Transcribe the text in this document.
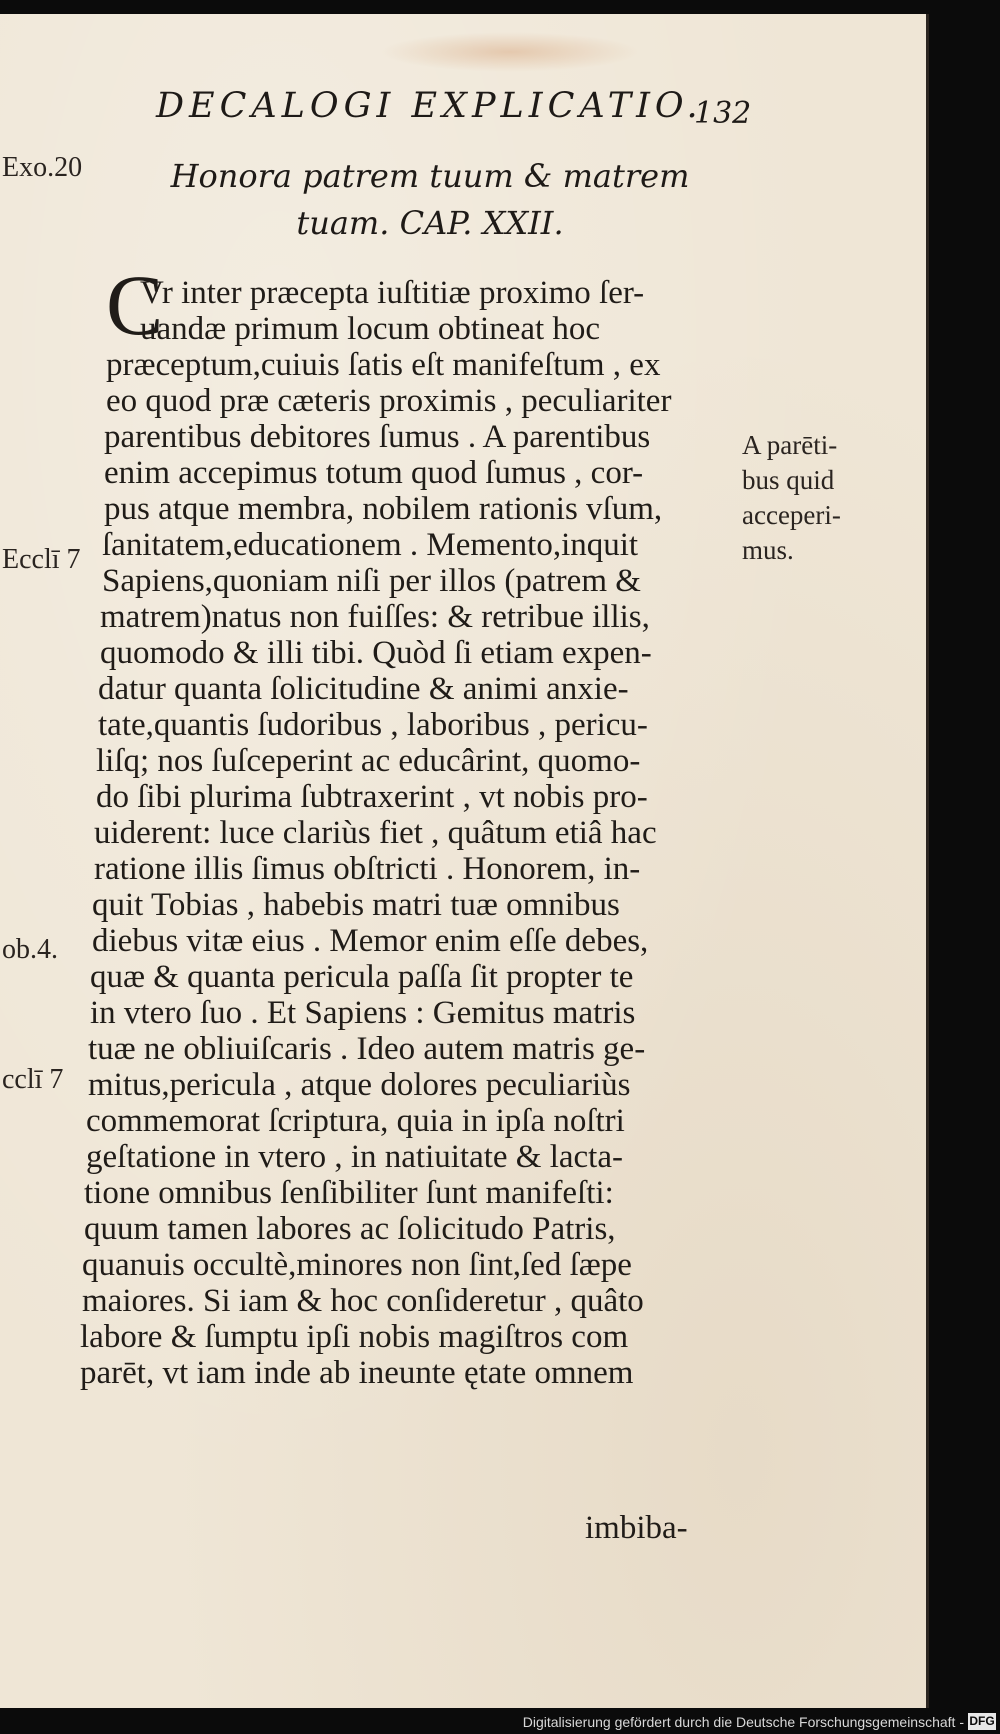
DECALOGI EXPLICATIO.
132
Exo.20	Honora patrem tuum & matrem
tuam. CAP. XXII.
C
Vr inter præcepta iuſtitiæ proximo ſer-
uandæ primum locum obtineat hoc
præceptum,cuiuis ſatis eſt manifeſtum , ex
eo quod præ cæteris proximis , peculiariter
parentibus debitores ſumus . A parentibus
enim accepimus totum quod ſumus , cor-
pus atque membra, nobilem rationis vſum,
ſanitatem,educationem . Memento,inquit
Sapiens,quoniam niſi per illos (patrem &
matrem)natus non fuiſſes: & retribue illis,
quomodo & illi tibi. Quòd ſi etiam expen-
datur quanta ſolicitudine & animi anxie-
tate,quantis ſudoribus , laboribus , pericu-
liſq; nos ſuſceperint ac educârint, quomo-
do ſibi plurima ſubtraxerint , vt nobis pro-
uiderent: luce clariùs fiet , quâtum etiâ hac
ratione illis ſimus obſtricti . Honorem, in-
quit Tobias , habebis matri tuæ omnibus
diebus vitæ eius . Memor enim eſſe debes,
quæ & quanta pericula paſſa ſit propter te
in vtero ſuo . Et Sapiens : Gemitus matris
tuæ ne obliuiſcaris . Ideo autem matris ge-
mitus,pericula , atque dolores peculiariùs
commemorat ſcriptura, quia in ipſa noſtri
geſtatione in vtero , in natiuitate & lacta-
tione omnibus ſenſibiliter ſunt manifeſti:
quum tamen labores ac ſolicitudo Patris,
quanuis occultè,minores non ſint,ſed ſæpe
maiores. Si iam & hoc conſideretur , quâto
labore & ſumptu ipſi nobis magiſtros com
parēt, vt iam inde ab ineunte ętate omnem
imbiba-
A parēti-
bus quid
acceperi-
mus.
Ecclī 7
ob.4.
cclī 7
Digitalisierung gefördert durch die Deutsche Forschungsgemeinschaft - DFG
